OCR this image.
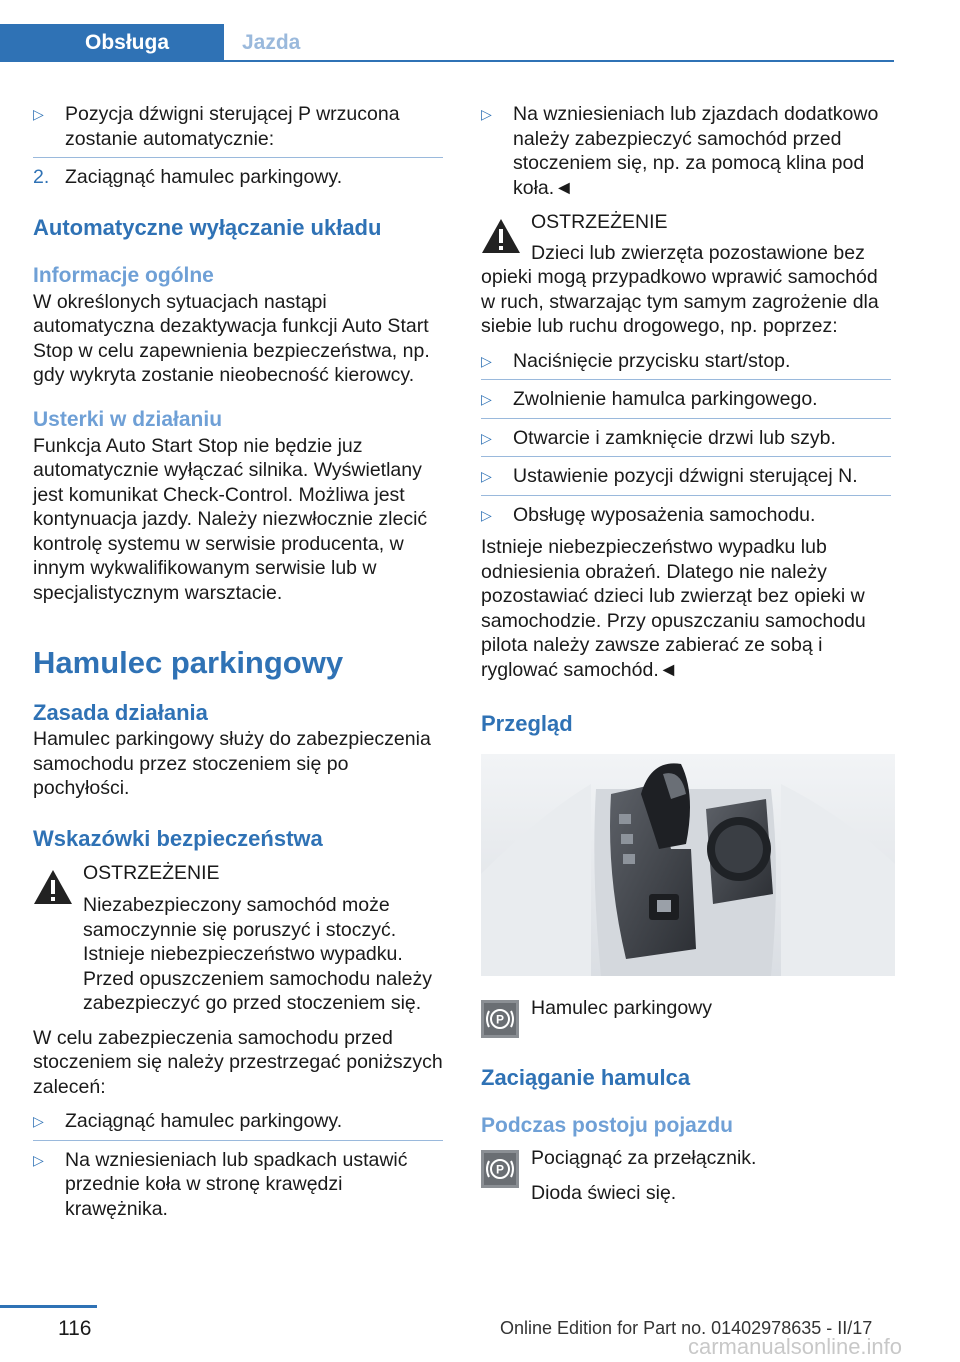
Obsługa	Jazda
▷ Pozycja dźwigni sterującej P wrzucona zostanie automatycznie:
2. Zaciągnąć hamulec parkingowy.

Automatyczne wyłączanie układu

Informacje ogólne

W określonych sytuacjach nastąpi automatyczna dezaktywacja funkcji Auto Start Stop w celu zapewnienia bezpieczeństwa, np. gdy wykryta zostanie nieobecność kierowcy.

Usterki w działaniu

Funkcja Auto Start Stop nie będzie juz automatycznie wyłączać silnika. Wyświetlany jest komunikat Check-Control. Możliwa jest kontynuacja jazdy. Należy niezwłocznie zlecić kontrolę systemu w serwisie producenta, w innym wykwalifikowanym serwisie lub w specjalistycznym warsztacie.

Hamulec parkingowy

Zasada działania

Hamulec parkingowy służy do zabezpieczenia samochodu przez stoczeniem się po pochyłości.

Wskazówki bezpieczeństwa

OSTRZEŻENIE
Niezabezpieczony samochód może samoczynnie się poruszyć i stoczyć. Istnieje niebezpieczeństwo wypadku. Przed opuszczeniem samochodu należy zabezpieczyć go przed stoczeniem się.

W celu zabezpieczenia samochodu przed stoczeniem się należy przestrzegać poniższych zaleceń:

▷ Zaciągnąć hamulec parkingowy.
▷ Na wzniesieniach lub spadkach ustawić przednie koła w stronę krawędzi krawężnika.
▷ Na wzniesieniach lub zjazdach dodatkowo należy zabezpieczyć samochód przed stoczeniem się, np. za pomocą klina pod koła.◄
OSTRZEŻENIE

Dzieci lub zwierzęta pozostawione bez opieki mogą przypadkowo wprawić samochód w ruch, stwarzając tym samym zagrożenie dla siebie lub ruchu drogowego, np. poprzez:

▷ Naciśnięcie przycisku start/stop.
▷ Zwolnienie hamulca parkingowego.
▷ Otwarcie i zamknięcie drzwi lub szyb.
▷ Ustawienie pozycji dźwigni sterującej N.
▷ Obsługę wyposażenia samochodu.

Istnieje niebezpieczeństwo wypadku lub odniesienia obrażeń. Dlatego nie należy pozostawiać dzieci lub zwierząt bez opieki w samochodzie. Przy opuszczaniu samochodu pilota należy zawsze zabierać ze sobą i ryglować samochód.◄

Przegląd

P
Hamulec parkingowy

Zaciąganie hamulca

Podczas postoju pojazdu

P
Pociągnąć za przełącznik.
Dioda świeci się.
116	Online Edition for Part no. 01402978635 - II/17
carmanualsonline.info
